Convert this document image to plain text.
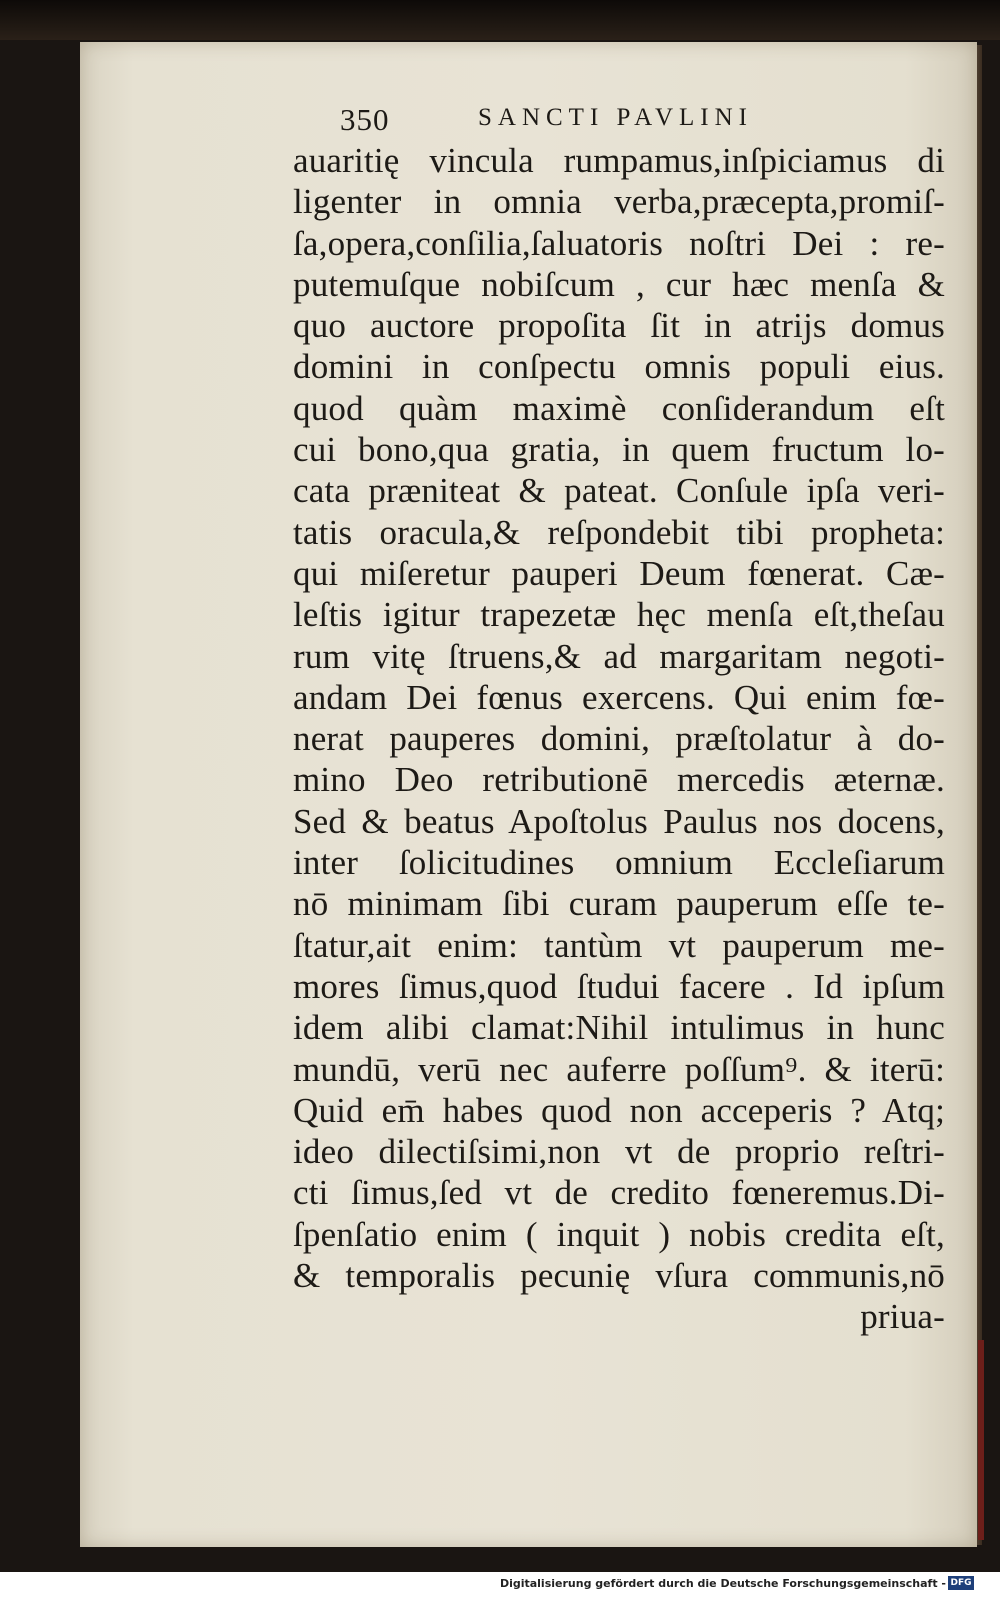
350	SANCTI PAVLINI
auaritię vincula rumpamus,inſpiciamus di
ligenter in omnia verba,præcepta,promiſ-
ſa,opera,conſilia,ſaluatoris noſtri Dei : re-
putemuſque nobiſcum , cur hæc menſa &
quo auctore propoſita ſit in atrijs domus
domini in conſpectu omnis populi eius.
quod quàm maximè conſiderandum eſt
cui bono,qua gratia, in quem fructum lo-
cata præniteat & pateat. Conſule ipſa veri-
tatis oracula,& reſpondebit tibi propheta:
qui miſeretur pauperi Deum fœnerat. Cæ-
leſtis igitur trapezetæ hęc menſa eſt,theſau
rum vitę ſtruens,& ad margaritam negoti-
andam Dei fœnus exercens. Qui enim fœ-
nerat pauperes domini, præſtolatur à do-
mino Deo retributionē mercedis æternæ.
Sed & beatus Apoſtolus Paulus nos docens,
inter ſolicitudines omnium Eccleſiarum
nō minimam ſibi curam pauperum eſſe te-
ſtatur,ait enim: tantùm vt pauperum me-
mores ſimus,quod ſtudui facere . Id ipſum
idem alibi clamat:Nihil intulimus in hunc
mundū, verū nec auferre poſſum⁹. & iterū:
Quid em̄ habes quod non acceperis ? Atq;
ideo dilectiſsimi,non vt de proprio reſtri-
cti ſimus,ſed vt de credito fœneremus.Di-
ſpenſatio enim ( inquit ) nobis credita eſt,
& temporalis pecunię vſura communis,nō
priua-
Digitalisierung gefördert durch die Deutsche Forschungsgemeinschaft - DFG
